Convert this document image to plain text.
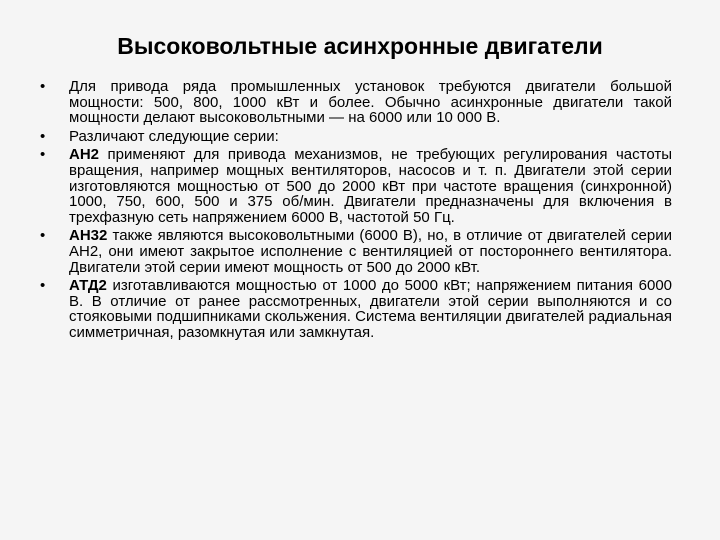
Высоковольтные асинхронные двигатели
•	Для привода ряда промышленных установок требуются двигатели большой мощности: 500, 800, 1000 кВт и более. Обычно асинхронные двигатели такой мощности делают высоковольтными — на 6000 или 10 000 В.
•	Различают следующие серии:
•	АН2 применяют для привода механизмов, не требующих регулирования частоты вращения, например мощных вентиляторов, насосов и т. п. Двигатели этой серии изготовляются мощностью от 500 до 2000 кВт при частоте вращения (синхронной) 1000, 750, 600, 500 и 375 об/мин. Двигатели предназначены для включения в трехфазную сеть напряжением 6000 В, частотой 50 Гц.
•	АН32 также являются высоковольтными (6000 В), но, в отличие от двигателей серии АН2, они имеют закрытое исполнение с вентиляцией от постороннего вентилятора. Двигатели этой серии имеют мощность от 500 до 2000 кВт.
•	АТД2 изготавливаются мощностью от 1000 до 5000 кВт; напряжением питания 6000 В. В отличие от ранее рассмотренных, двигатели этой серии выполняются и со стояковыми подшипниками скольжения. Система вентиляции двигателей радиальная симметричная, разомкнутая или замкнутая.
